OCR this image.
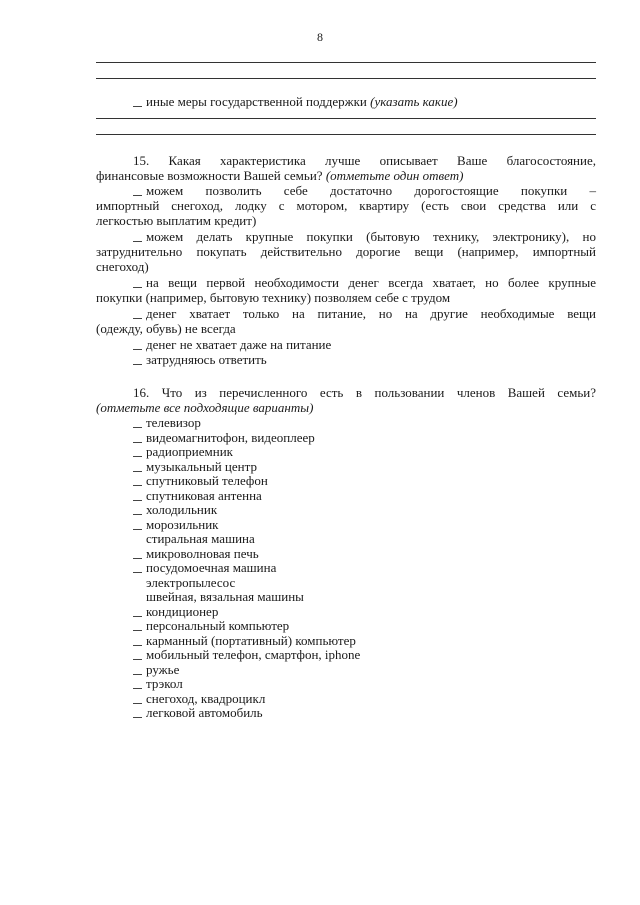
8
иные меры государственной поддержки (указать какие)
15. Какая характеристика лучше описывает Ваше благосостояние,
финансовые возможности Вашей семьи? (отметьте один ответ)
можем позволить себе достаточно дорогостоящие покупки –
импортный снегоход, лодку с мотором, квартиру (есть свои средства или с
легкостью выплатим кредит)
можем делать крупные покупки (бытовую технику, электронику), но
затруднительно покупать действительно дорогие вещи (например, импортный
снегоход)
на вещи первой необходимости денег всегда хватает, но более крупные
покупки (например, бытовую технику) позволяем себе с трудом
денег хватает только на питание, но на другие необходимые вещи
(одежду, обувь) не всегда
денег не хватает даже на питание
затрудняюсь ответить
16. Что из перечисленного есть в пользовании членов Вашей семьи?
(отметьте все подходящие варианты)
телевизор
видеомагнитофон, видеоплеер
радиоприемник
музыкальный центр
спутниковый телефон
спутниковая антенна
холодильник
морозильник
стиральная машина
микроволновая печь
посудомоечная машина
электропылесос
швейная, вязальная машины
кондиционер
персональный компьютер
карманный (портативный) компьютер
мобильный телефон, смартфон, iphone
ружье
трэкол
снегоход, квадроцикл
легковой автомобиль
